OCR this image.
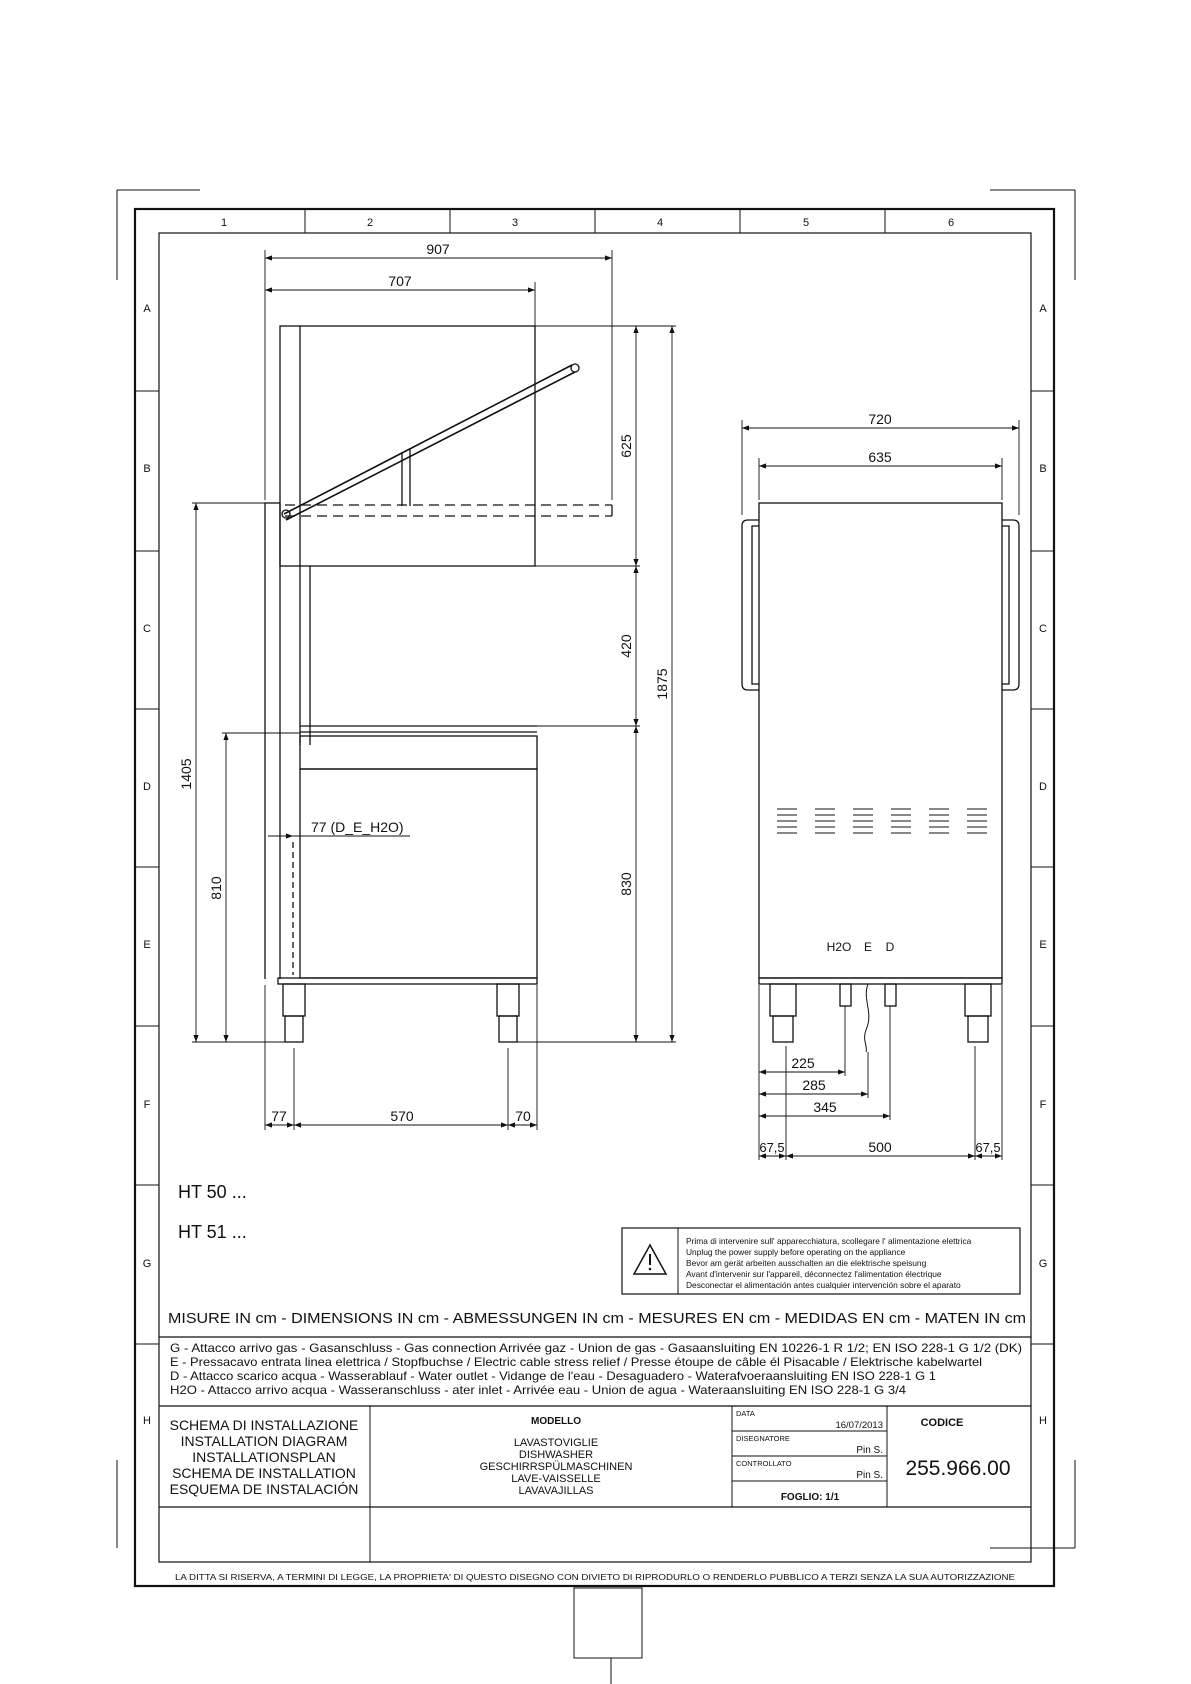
1	2	3	4	5	6
A	A
B	B
C	C
D	D
E	E
F	F
G	G
H	H
907
707
625
420
1875
1405
810	830
77 (D_E_H2O)
77	570	70
H2O E D
720
635
225
285
345
67,5	500	67,5
HT 50 ...
HT 51 ...	Prima di intervenire sull' apparecchiatura, scollegare l' alimentazione elettrica
Unplug the power supply before operating on the appliance
Bevor am gerät arbeiten ausschalten an die elektrische speisung
Avant d'intervenir sur l'appareil, déconnectez l'alimentation électrique
Desconectar el alimentación antes cualquier intervención sobre el aparato
MISURE IN cm - DIMENSIONS IN cm - ABMESSUNGEN IN cm - MESURES EN cm - MEDIDAS EN cm - MATEN IN cm
G - Attacco arrivo gas - Gasanschluss - Gas connection Arrivée gaz - Union de gas - Gasaansluiting EN 10226-1 R 1/2; EN ISO 228-1 G 1/2 (DK)
E - Pressacavo entrata linea elettrica / Stopfbuchse / Electric cable stress relief / Presse étoupe de câble él Pisacable / Elektrische kabelwartel
D - Attacco scarico acqua - Wasserablauf - Water outlet - Vidange de l'eau - Desaguadero - Waterafvoeraansluiting EN ISO 228-1 G 1
H2O - Attacco arrivo acqua - Wasseranschluss - ater inlet - Arrivée eau - Union de agua - Wateraansluiting EN ISO 228-1 G 3/4
SCHEMA DI INSTALLAZIONE
INSTALLATION DIAGRAM
INSTALLATIONSPLAN
SCHEMA DE INSTALLATION
ESQUEMA DE INSTALACIÓN
MODELLO
LAVASTOVIGLIE
DISHWASHER
GESCHIRRSPÜLMASCHINEN
LAVE-VAISSELLE
LAVAVAJILLAS
DATA
16/07/2013
DISEGNATORE
Pin S.
CONTROLLATO
Pin S.
FOGLIO: 1/1
CODICE
255.966.00
LA DITTA SI RISERVA, A TERMINI DI LEGGE, LA PROPRIETA' DI QUESTO DISEGNO CON DIVIETO DI RIPRODURLO O RENDERLO PUBBLICO A TERZI SENZA LA SUA AUTORIZZAZIONE
